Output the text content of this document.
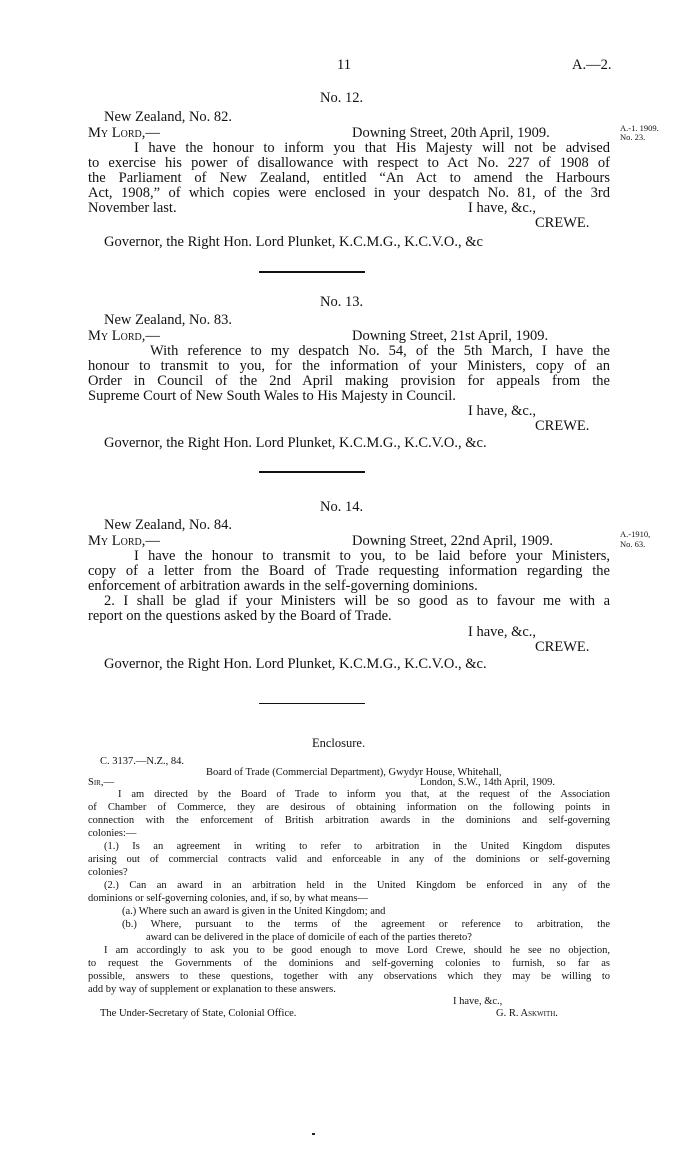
11	A.—2.
No. 12.
New Zealand, No. 82.
My Lord,—	Downing Street, 20th April, 1909.	A.-1. 1909.
No. 23.
I have the honour to inform you that His Majesty will not be advised
to exercise his power of disallowance with respect to Act No. 227 of 1908 of
the Parliament of New Zealand, entitled “An Act to amend the Harbours
Act, 1908,” of which copies were enclosed in your despatch No. 81, of the 3rd
November last.	I have, &c.,
CREWE.
Governor, the Right Hon. Lord Plunket, K.C.M.G., K.C.V.O., &c
No. 13.
New Zealand, No. 83.
My Lord,—	Downing Street, 21st April, 1909.
With reference to my despatch No. 54, of the 5th March, I have the
honour to transmit to you, for the information of your Ministers, copy of an
Order in Council of the 2nd April making provision for appeals from the
Supreme Court of New South Wales to His Majesty in Council.
I have, &c.,
CREWE.
Governor, the Right Hon. Lord Plunket, K.C.M.G., K.C.V.O., &c.
No. 14.
New Zealand, No. 84.
My Lord,—	Downing Street, 22nd April, 1909.	A.-1910,
No. 63.
I have the honour to transmit to you, to be laid before your Ministers,
copy of a letter from the Board of Trade requesting information regarding the
enforcement of arbitration awards in the self-governing dominions.
2. I shall be glad if your Ministers will be so good as to favour me with a
report on the questions asked by the Board of Trade.
I have, &c.,
CREWE.
Governor, the Right Hon. Lord Plunket, K.C.M.G., K.C.V.O., &c.
Enclosure.
C. 3137.—N.Z., 84.
Board of Trade (Commercial Department), Gwydyr House, Whitehall,
Sir,—	London, S.W., 14th April, 1909.
I am directed by the Board of Trade to inform you that, at the request of the Association
of Chamber of Commerce, they are desirous of obtaining information on the following points in
connection with the enforcement of British arbitration awards in the dominions and self-governing
colonies:—
(1.) Is an agreement in writing to refer to arbitration in the United Kingdom disputes
arising out of commercial contracts valid and enforceable in any of the dominions or self-governing
colonies?
(2.) Can an award in an arbitration held in the United Kingdom be enforced in any of the
dominions or self-governing colonies, and, if so, by what means—
(a.) Where such an award is given in the United Kingdom; and
(b.) Where, pursuant to the terms of the agreement or reference to arbitration, the
award can be delivered in the place of domicile of each of the parties thereto?
I am accordingly to ask you to be good enough to move Lord Crewe, should he see no objection,
to request the Governments of the dominions and self-governing colonies to furnish, so far as
possible, answers to these questions, together with any observations which they may be willing to
add by way of supplement or explanation to these answers.
I have, &c.,
The Under-Secretary of State, Colonial Office.	G. R. Askwith.
